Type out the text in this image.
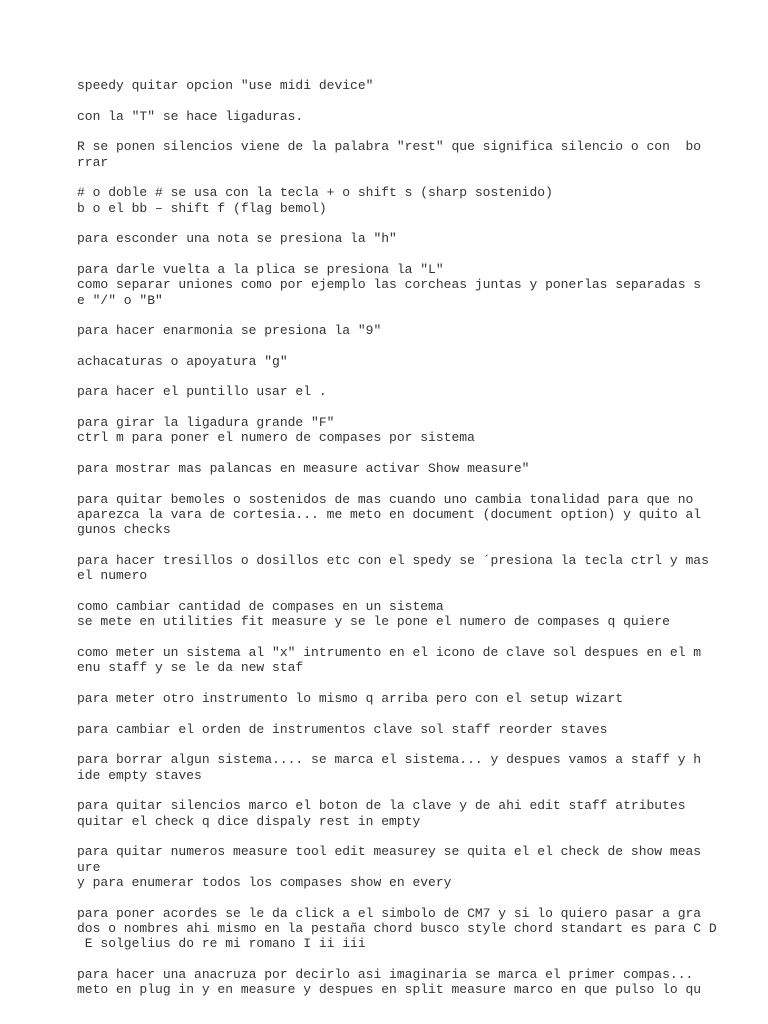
speedy quitar opcion "use midi device"
con la "T" se hace ligaduras.
R se ponen silencios viene de la palabra "rest" que significa silencio o con  bo
rrar
# o doble # se usa con la tecla + o shift s (sharp sostenido)
b o el bb – shift f (flag bemol)
para esconder una nota se presiona la "h"
para darle vuelta a la plica se presiona la "L"
como separar uniones como por ejemplo las corcheas juntas y ponerlas separadas s
e "/" o "B"
para hacer enarmonia se presiona la "9"
achacaturas o apoyatura "g"
para hacer el puntillo usar el .
para girar la ligadura grande "F"
ctrl m para poner el numero de compases por sistema
para mostrar mas palancas en measure activar Show measure"
para quitar bemoles o sostenidos de mas cuando uno cambia tonalidad para que no
aparezca la vara de cortesia... me meto en document (document option) y quito al
gunos checks
para hacer tresillos o dosillos etc con el spedy se ´presiona la tecla ctrl y mas
el numero
como cambiar cantidad de compases en un sistema
se mete en utilities fit measure y se le pone el numero de compases q quiere
como meter un sistema al "x" intrumento en el icono de clave sol despues en el m
enu staff y se le da new staf
para meter otro instrumento lo mismo q arriba pero con el setup wizart
para cambiar el orden de instrumentos clave sol staff reorder staves
para borrar algun sistema.... se marca el sistema... y despues vamos a staff y h
ide empty staves
para quitar silencios marco el boton de la clave y de ahi edit staff atributes
quitar el check q dice dispaly rest in empty
para quitar numeros measure tool edit measurey se quita el el check de show meas
ure
y para enumerar todos los compases show en every
para poner acordes se le da click a el simbolo de CM7 y si lo quiero pasar a gra
dos o nombres ahi mismo en la pestaña chord busco style chord standart es para C D
E solgelius do re mi romano I ii iii
para hacer una anacruza por decirlo asi imaginaria se marca el primer compas...
meto en plug in y en measure y despues en split measure marco en que pulso lo qu
